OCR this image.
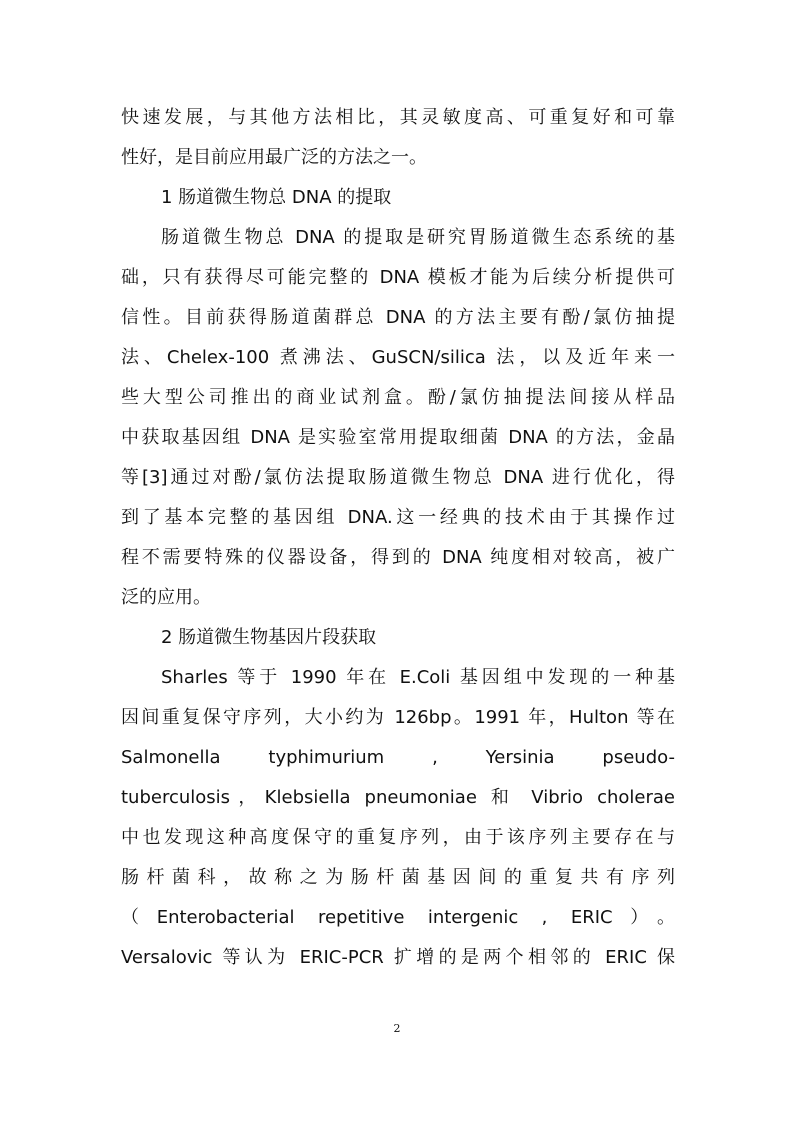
快速发展，与其他方法相比，其灵敏度高、可重复好和可靠
性好，是目前应用最广泛的方法之一。
1 肠道微生物总 DNA 的提取
肠道微生物总 DNA 的提取是研究胃肠道微生态系统的基
础，只有获得尽可能完整的 DNA 模板才能为后续分析提供可
信性。目前获得肠道菌群总 DNA 的方法主要有酚/氯仿抽提
法、Chelex-100 煮沸法、GuSCN/silica 法，以及近年来一
些大型公司推出的商业试剂盒。酚/氯仿抽提法间接从样品
中获取基因组 DNA 是实验室常用提取细菌 DNA 的方法，金晶
等[3]通过对酚/氯仿法提取肠道微生物总 DNA 进行优化，得
到了基本完整的基因组 DNA.这一经典的技术由于其操作过
程不需要特殊的仪器设备，得到的 DNA 纯度相对较高，被广
泛的应用。
2 肠道微生物基因片段获取
Sharles 等于 1990 年在 E.Coli 基因组中发现的一种基
因间重复保守序列，大小约为 126bp。1991 年，Hulton 等在
Salmonella typhimurium , Yersinia pseudo-
tuberculosis，Klebsiella pneumoniae 和 Vibrio cholerae
中也发现这种高度保守的重复序列，由于该序列主要存在与
肠杆菌科，故称之为肠杆菌基因间的重复共有序列
（Enterobacterial repetitive intergenic , ERIC）。
Versalovic 等认为 ERIC-PCR 扩增的是两个相邻的 ERIC 保
2
